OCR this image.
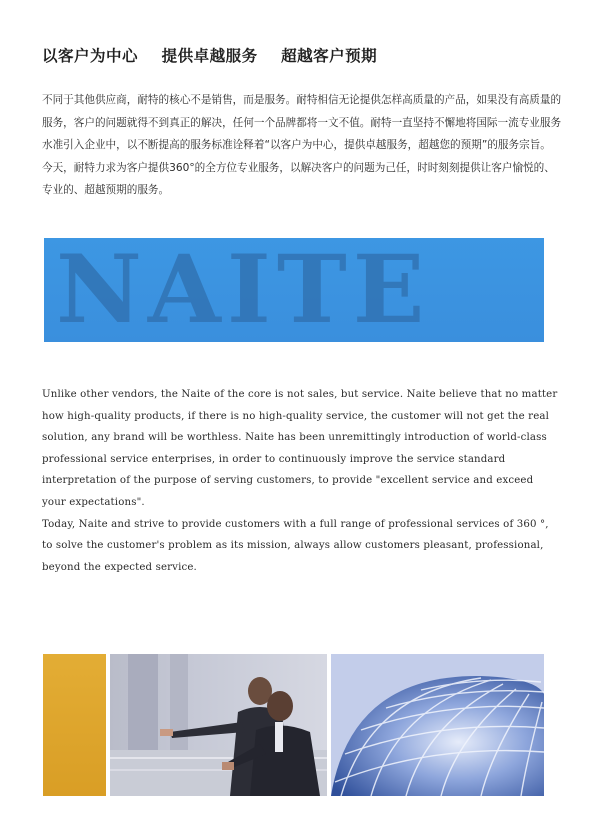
以客户为中心    提供卓越服务    超越客户预期

不同于其他供应商，耐特的核心不是销售，而是服务。耐特相信无论提供怎样高质量的产品，如果没有高质量的服务，客户的问题就得不到真正的解决，任何一个品牌都将一文不值。耐特一直坚持不懈地将国际一流专业服务水准引入企业中，以不断提高的服务标准诠释着“以客户为中心，提供卓越服务，超越您的预期”的服务宗旨。

今天，耐特力求为客户提供360°的全方位专业服务，以解决客户的问题为己任，时时刻刻提供让客户愉悦的、专业的、超越预期的服务。

NAITE

Unlike other vendors, the Naite of the core is not sales, but service. Naite believe that no matter how high-quality products, if there is no high-quality service, the customer will not get the real solution, any brand will be worthless. Naite has been unremittingly introduction of world-class professional service enterprises, in order to continuously improve the service standard interpretation of the purpose of serving customers, to provide "excellent service and exceed your expectations".

Today, Naite and strive to provide customers with a full range of professional services of 360 °, to solve the customer's problem as its mission, always allow customers pleasant, professional, beyond the expected service.
